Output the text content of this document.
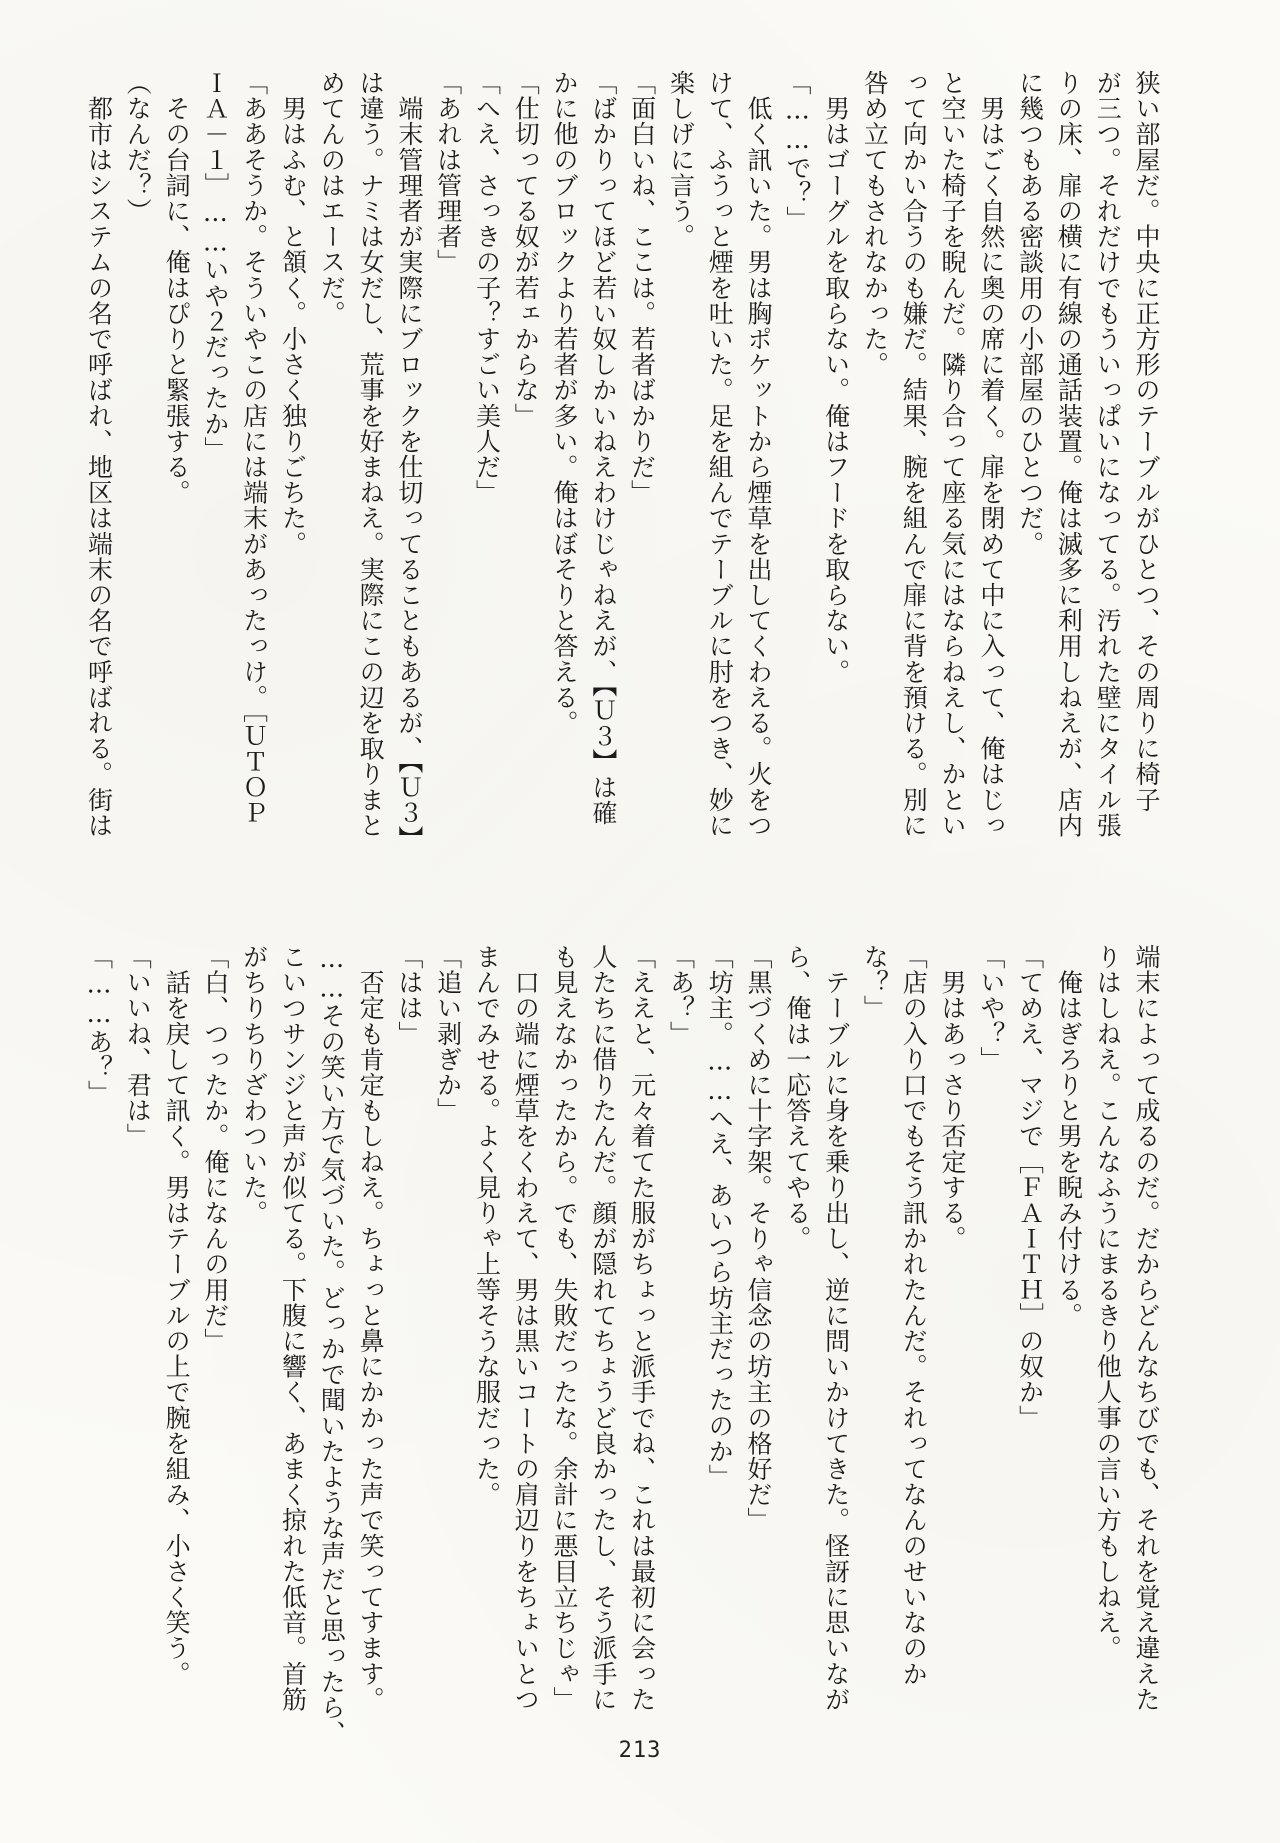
狭い部屋だ。中央に正方形のテーブルがひとつ、その周りに椅子
が三つ。それだけでもういっぱいになってる。汚れた壁にタイル張
りの床、扉の横に有線の通話装置。俺は滅多に利用しねえが、店内
に幾つもある密談用の小部屋のひとつだ。
　男はごく自然に奥の席に着く。扉を閉めて中に入って、俺はじっ
と空いた椅子を睨んだ。隣り合って座る気にはならねえし、かとい
って向かい合うのも嫌だ。結果、腕を組んで扉に背を預ける。別に
咎め立てもされなかった。
　男はゴーグルを取らない。俺はフードを取らない。
「……で？」
　低く訊いた。男は胸ポケットから煙草を出してくわえる。火をつ
けて、ふうっと煙を吐いた。足を組んでテーブルに肘をつき、妙に
楽しげに言う。
「面白いね、ここは。若者ばかりだ」
「ばかりってほど若い奴しかいねえわけじゃねえが、【Ｕ３】は確
かに他のブロックより若者が多い。俺はぼそりと答える。
「仕切ってる奴が若ェからな」
「へえ、さっきの子？すごい美人だ」
「あれは管理者」
　端末管理者が実際にブロックを仕切ってることもあるが、【Ｕ３】
は違う。ナミは女だし、荒事を好まねえ。実際にこの辺を取りまと
めてんのはエースだ。
　男はふむ、と頷く。小さく独りごちた。
「ああそうか。そういやこの店には端末があったっけ。［ＵＴＯＰ
ＩＡ－１］……いや２だったか」
　その台詞に、俺はぴりと緊張する。
（なんだ？）
　都市はシステムの名で呼ばれ、地区は端末の名で呼ばれる。街は
端末によって成るのだ。だからどんなちびでも、それを覚え違えた
りはしねえ。こんなふうにまるきり他人事の言い方もしねえ。
　俺はぎろりと男を睨み付ける。
「てめえ、マジで［ＦＡＩＴＨ］の奴か」
「いや？」
　男はあっさり否定する。
「店の入り口でもそう訊かれたんだ。それってなんのせいなのか
な？」
　テーブルに身を乗り出し、逆に問いかけてきた。怪訝に思いなが
ら、俺は一応答えてやる。
「黒づくめに十字架。そりゃ信念の坊主の格好だ」
「坊主。……へえ、あいつら坊主だったのか」
「あ？」
「ええと、元々着てた服がちょっと派手でね、これは最初に会った
人たちに借りたんだ。顔が隠れてちょうど良かったし、そう派手に
も見えなかったから。でも、失敗だったな。余計に悪目立ちじゃ」
　口の端に煙草をくわえて、男は黒いコートの肩辺りをちょいとつ
まんでみせる。よく見りゃ上等そうな服だった。
「追い剥ぎか」
「はは」
　否定も肯定もしねえ。ちょっと鼻にかかった声で笑ってすます。
……その笑い方で気づいた。どっかで聞いたような声だと思ったら、
こいつサンジと声が似てる。下腹に響く、あまく掠れた低音。首筋
がちりちりざわついた。
「白、つったか。俺になんの用だ」
　話を戻して訊く。男はテーブルの上で腕を組み、小さく笑う。
「いいね、君は」
「……あ？」
213
